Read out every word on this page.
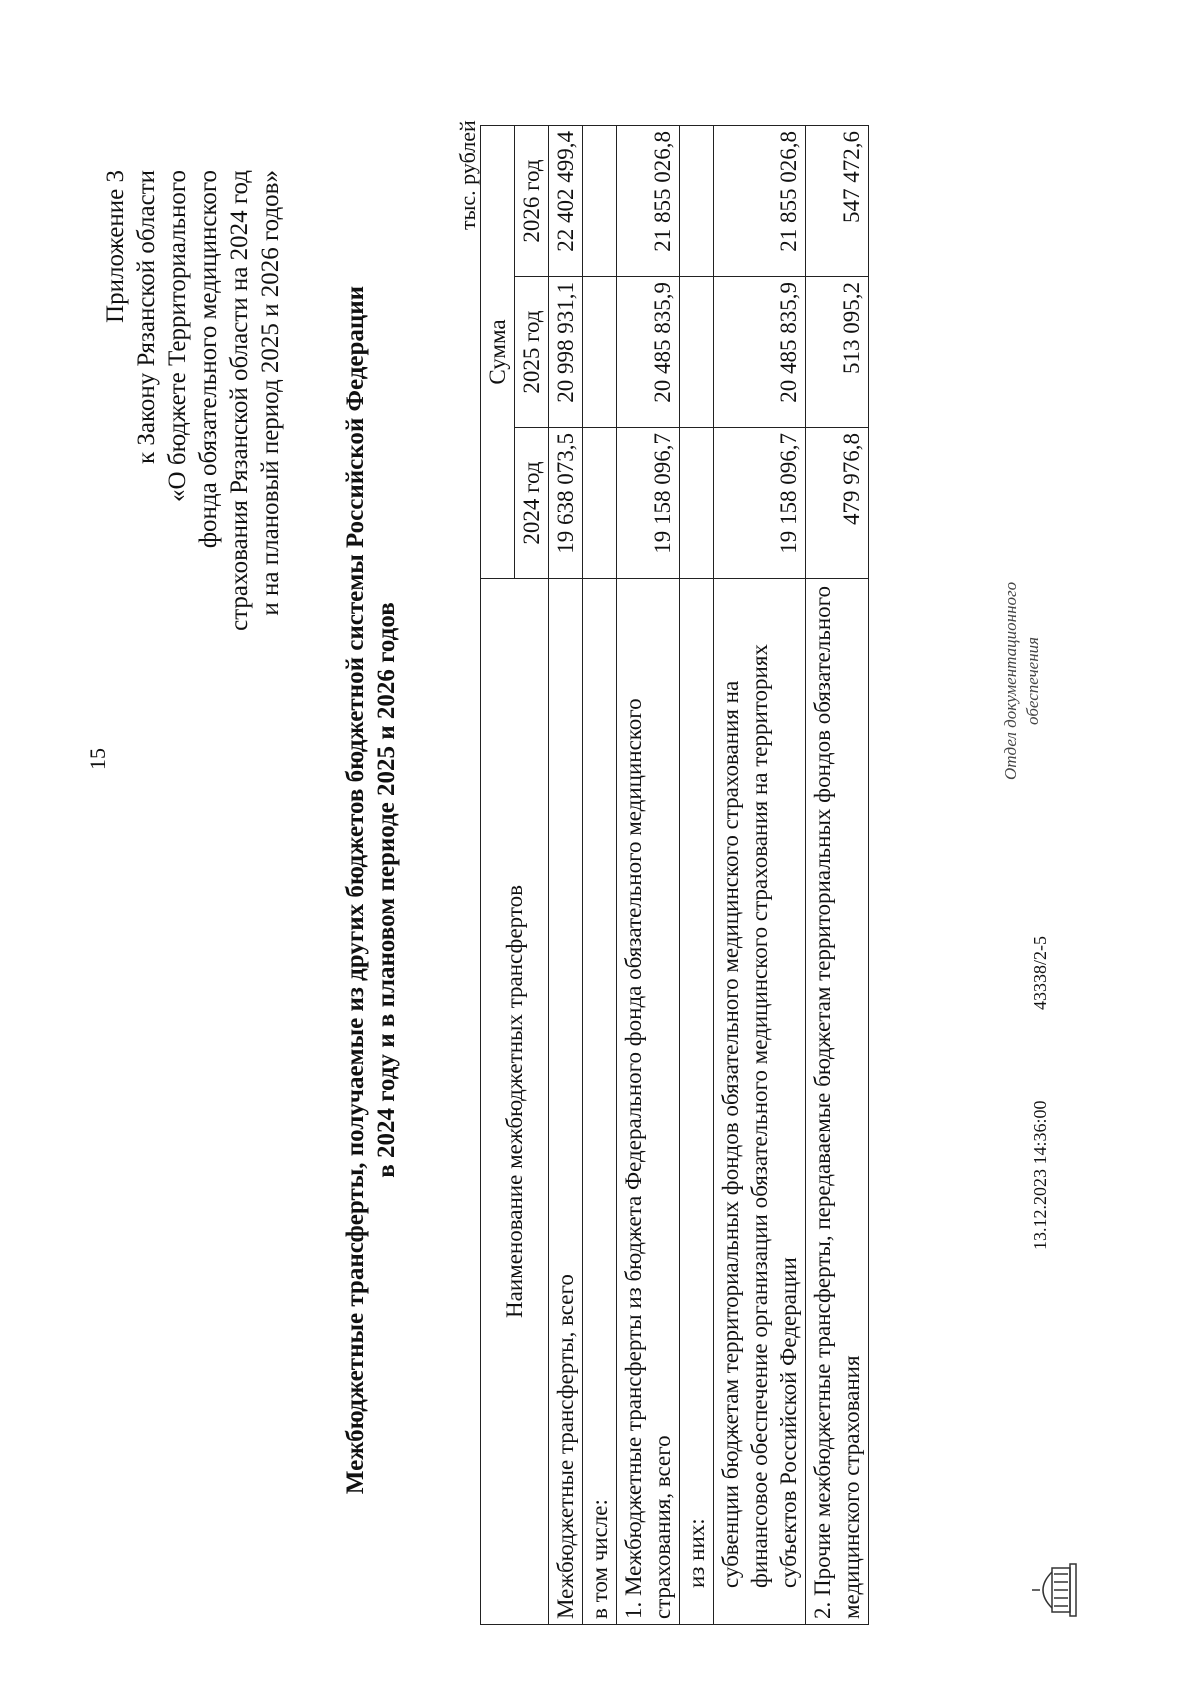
15
Приложение 3 к Закону Рязанской области «О бюджете Территориального фонда обязательного медицинского страхования Рязанской области на 2024 год и на плановый период 2025 и 2026 годов» Межбюджетные трансферты, получаемые из других бюджетов бюджетной системы Российской Федерации в 2024 году и в плановом периоде 2025 и 2026 годов
тыс. рублей
Наименование межбюджетных трансфертов	Сумма		
	2024 год	2025 год	2026 год
Межбюджетные трансферты, всего	19 638 073,5	20 998 931,1	22 402 499,4
в том числе:			
1. Межбюджетные трансферты из бюджета Федерального фонда обязательного медицинского страхования, всего	19 158 096,7	20 485 835,9	21 855 026,8
из них:			
субвенции бюджетам территориальных фондов обязательного медицинского страхования на финансовое обеспечение организации обязательного медицинского страхования на территориях субъектов Российской Федерации	19 158 096,7	20 485 835,9	21 855 026,8
2. Прочие межбюджетные трансферты, передаваемые бюджетам территориальных фондов обязательного медицинского страхования	479 976,8	513 095,2	547 472,6
13.12.2023 14:36:00
43338/2-5
Отдел документационного обеспечения
